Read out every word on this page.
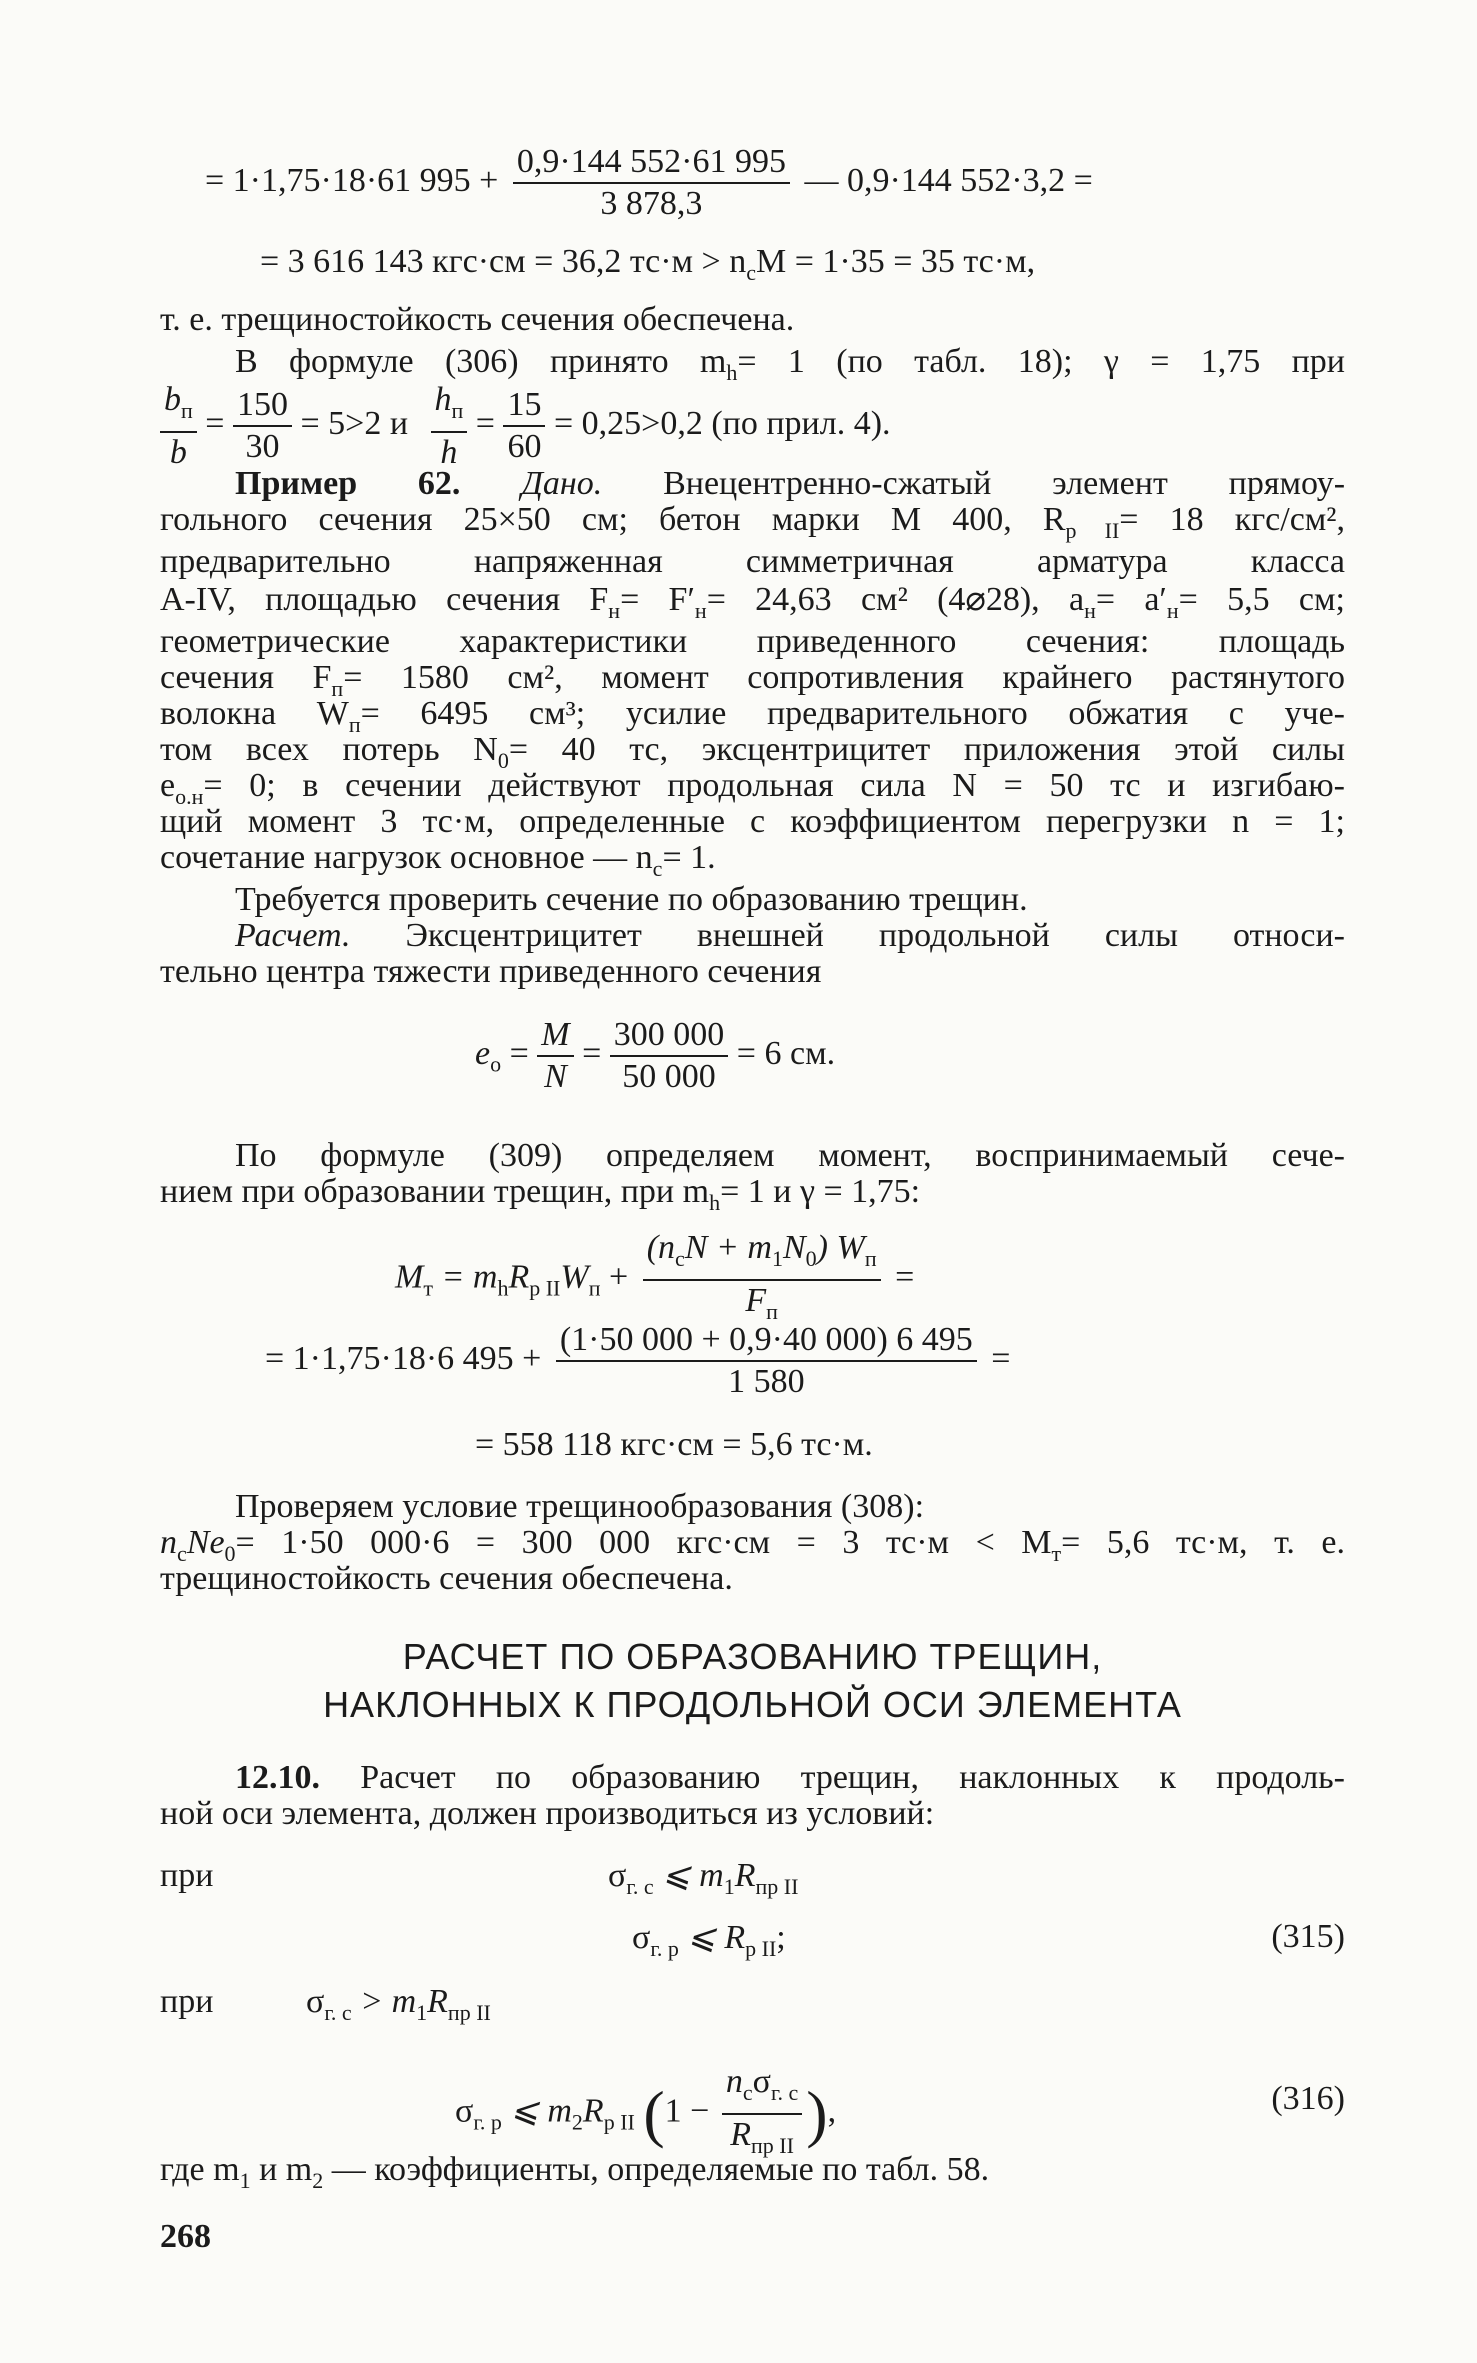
= 1·1,75·18·61 $995 + \frac{0,9\cdot 144 552\cdot 61 995}{3 878,3}$ — 0,9·144 552·3,2 =
= 3 616 143 кгс·см = 36,2 $тс\cdot м > n_сM = 1\cdot 35 = 35$ тс·м,
т. е. трещиностойкость сечения обеспечена.
В формуле (306) принято $m_h= 1$ (по табл. 18); γ = 1,75 при
$\frac{b_п}{b} = \frac{150}{30} = 5>2$ и $\frac{h_п}{h} = \frac{15}{60} = 0,25>0,2$ (по прил. 4).
Пример 62. Дано. Внецентренно-сжатый элемент прямоу-
гольного сечения 25×50 см; бетон марки М 400, $R_{р II}= 18$ кгс/см²,
предварительно напряженная симметричная арматура класса
A-IV, площадью сечения $F_н= F'_н= 24,63$ см² (4⌀28), $a_н= a'_н= 5,5$ см;
геометрические характеристики приведенного сечения: площадь
сечения $F_п= 1580$ см², момент сопротивления крайнего растянутого
волокна $W_п= 6495$ см³; усилие предварительного обжатия с уче-
том всех потерь $N_0= 40$ тс, эксцентрицитет приложения этой силы
$e_{о.н}= 0$; в сечении действуют продольная сила N = 50 тс и изгибаю-
щий момент 3 тс·м, определенные с коэффициентом перегрузки n = 1;
сочетание нагрузок основное — $n_с= 1$.
Требуется проверить сечение по образованию трещин.
Расчет. Эксцентрицитет внешней продольной силы относи-
тельно центра тяжести приведенного сечения
$e_о = \frac{M}{N} = \frac{300 000}{50 000} = 6$ см.
По формуле (309) определяем момент, воспринимаемый сече-
нием при образовании трещин, при $m_h= 1$ и γ = 1,75:
$M_т = m_hR_{р II}W_п + \frac{(n_сN + m_1N_0) W_п}{F_п}$ =
= 1·1,75·18·6 $495 + \frac{(1\cdot 50 000 + 0,9\cdot 40 000) 6 495}{1 580}$ =
= 558 118 кгс·см = 5,6 тс·м.
Проверяем условие трещинообразования (308):
$n_сNe_0= 1\cdot 50$ 000·6 = 300 000 кгс·см = 3 $тс\cdot м < M_т= 5,6$ тс·м, т. е.
трещиностойкость сечения обеспечена.
РАСЧЕТ ПО ОБРАЗОВАНИЮ ТРЕЩИН,
НАКЛОННЫХ К ПРОДОЛЬНОЙ ОСИ ЭЛЕМЕНТА
12.10. Расчет по образованию трещин, наклонных к продоль-
ной оси элемента, должен производиться из условий:
при	$\sigma_{г. с}$ ⩽ $m_1R_{пр II}$
$\sigma_{г. р}$ ⩽ $R_{р II}$;	(315)
при	$\sigma_{г. с} > m_1R_{пр II}$
$\sigma_{г. р}$ ⩽ $m_2R_{р II}$ ($1 - \frac{n_с\sigma_{г. с}}{R_{пр II}}$ ),	(316)
где $m_1$ и $m_2$ — коэффициенты, определяемые по табл. 58.
268
